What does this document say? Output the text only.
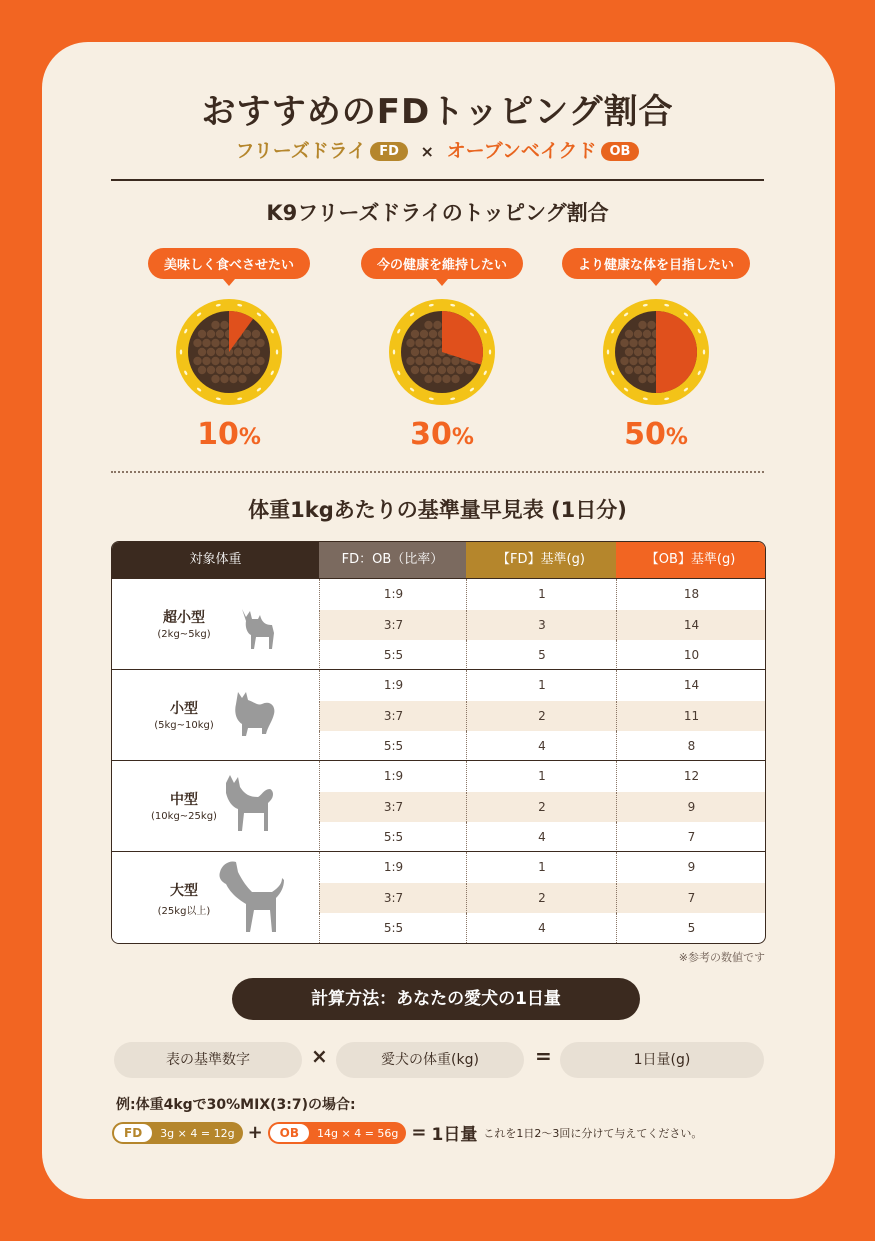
おすすめのFDトッピング割合
フリーズドライ FD × オーブンベイクド OB
K9フリーズドライのトッピング割合
美味しく食べさせたい
10%
今の健康を維持したい
30%
より健康な体を目指したい
50%
体重1kgあたりの基準量早見表 (1日分)
対象体重	FD：OB（比率）	【FD】基準(g)	【OB】基準(g)
超小型
(2kg~5kg)
1:9	1	18
3:7	3	14
5:5	5	10
小型
(5kg~10kg)
1:9	1	14
3:7	2	11
5:5	4	8
中型
(10kg~25kg)
1:9	1	12
3:7	2	9
5:5	4	7
大型
(25kg以上)
1:9	1	9
3:7	2	7
5:5	4	5
※参考の数値です
計算方法：あなたの愛犬の1日量
表の基準数字	×	愛犬の体重(kg)	=	1日量(g)
例:体重4kgで30%MIX(3:7)の場合:
FD 3g × 4 = 12g + OB 14g × 4 = 56g = 1日量 これを1日2〜3回に分けて与えてください。
